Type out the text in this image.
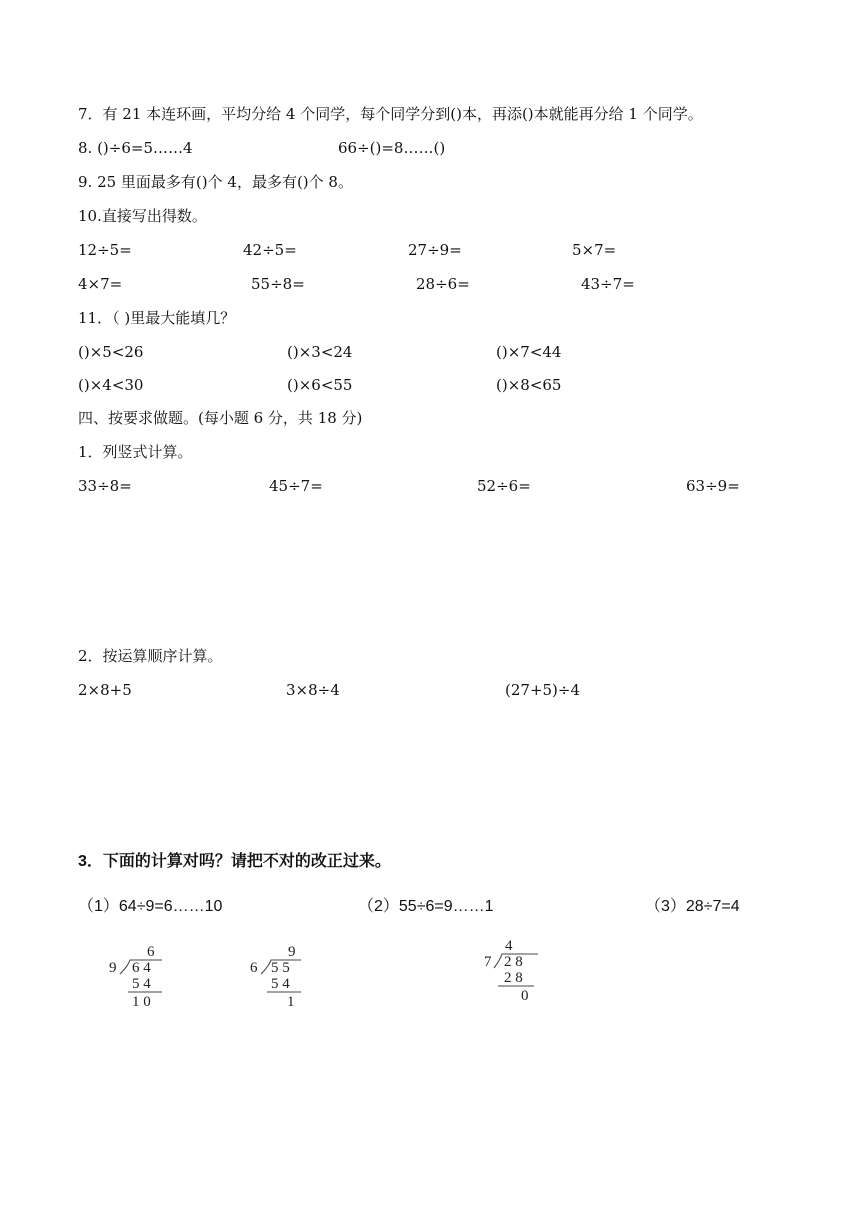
7．有 21 本连环画，平均分给 4 个同学，每个同学分到()本，再添()本就能再分给 1 个同学。
8. ()÷6=5……4	66÷()=8……()
9. 25 里面最多有()个 4，最多有()个 8。
10.直接写出得数。
12÷5=	42÷5=	27÷9=	5×7=
4×7=	55÷8=	28÷6=	43÷7=
11．（ )里最大能填几？
()×5<26	()×3<24	()×7<44
()×4<30	()×6<55	()×8<65
四、按要求做题。(每小题 6 分，共 18 分)
1．列竖式计算。
33÷8=	45÷7=	52÷6=	63÷9=
2．按运算顺序计算。
2×8+5	3×8÷4	(27+5)÷4
3．下面的计算对吗？请把不对的改正过来。
（1）64÷9=6……10	（2）55÷6=9……1	（3）28÷7=4
6
9 6 4
5 4
1 0
9
6 5 5
5 4
1
4
7 2 8
2 8
0
